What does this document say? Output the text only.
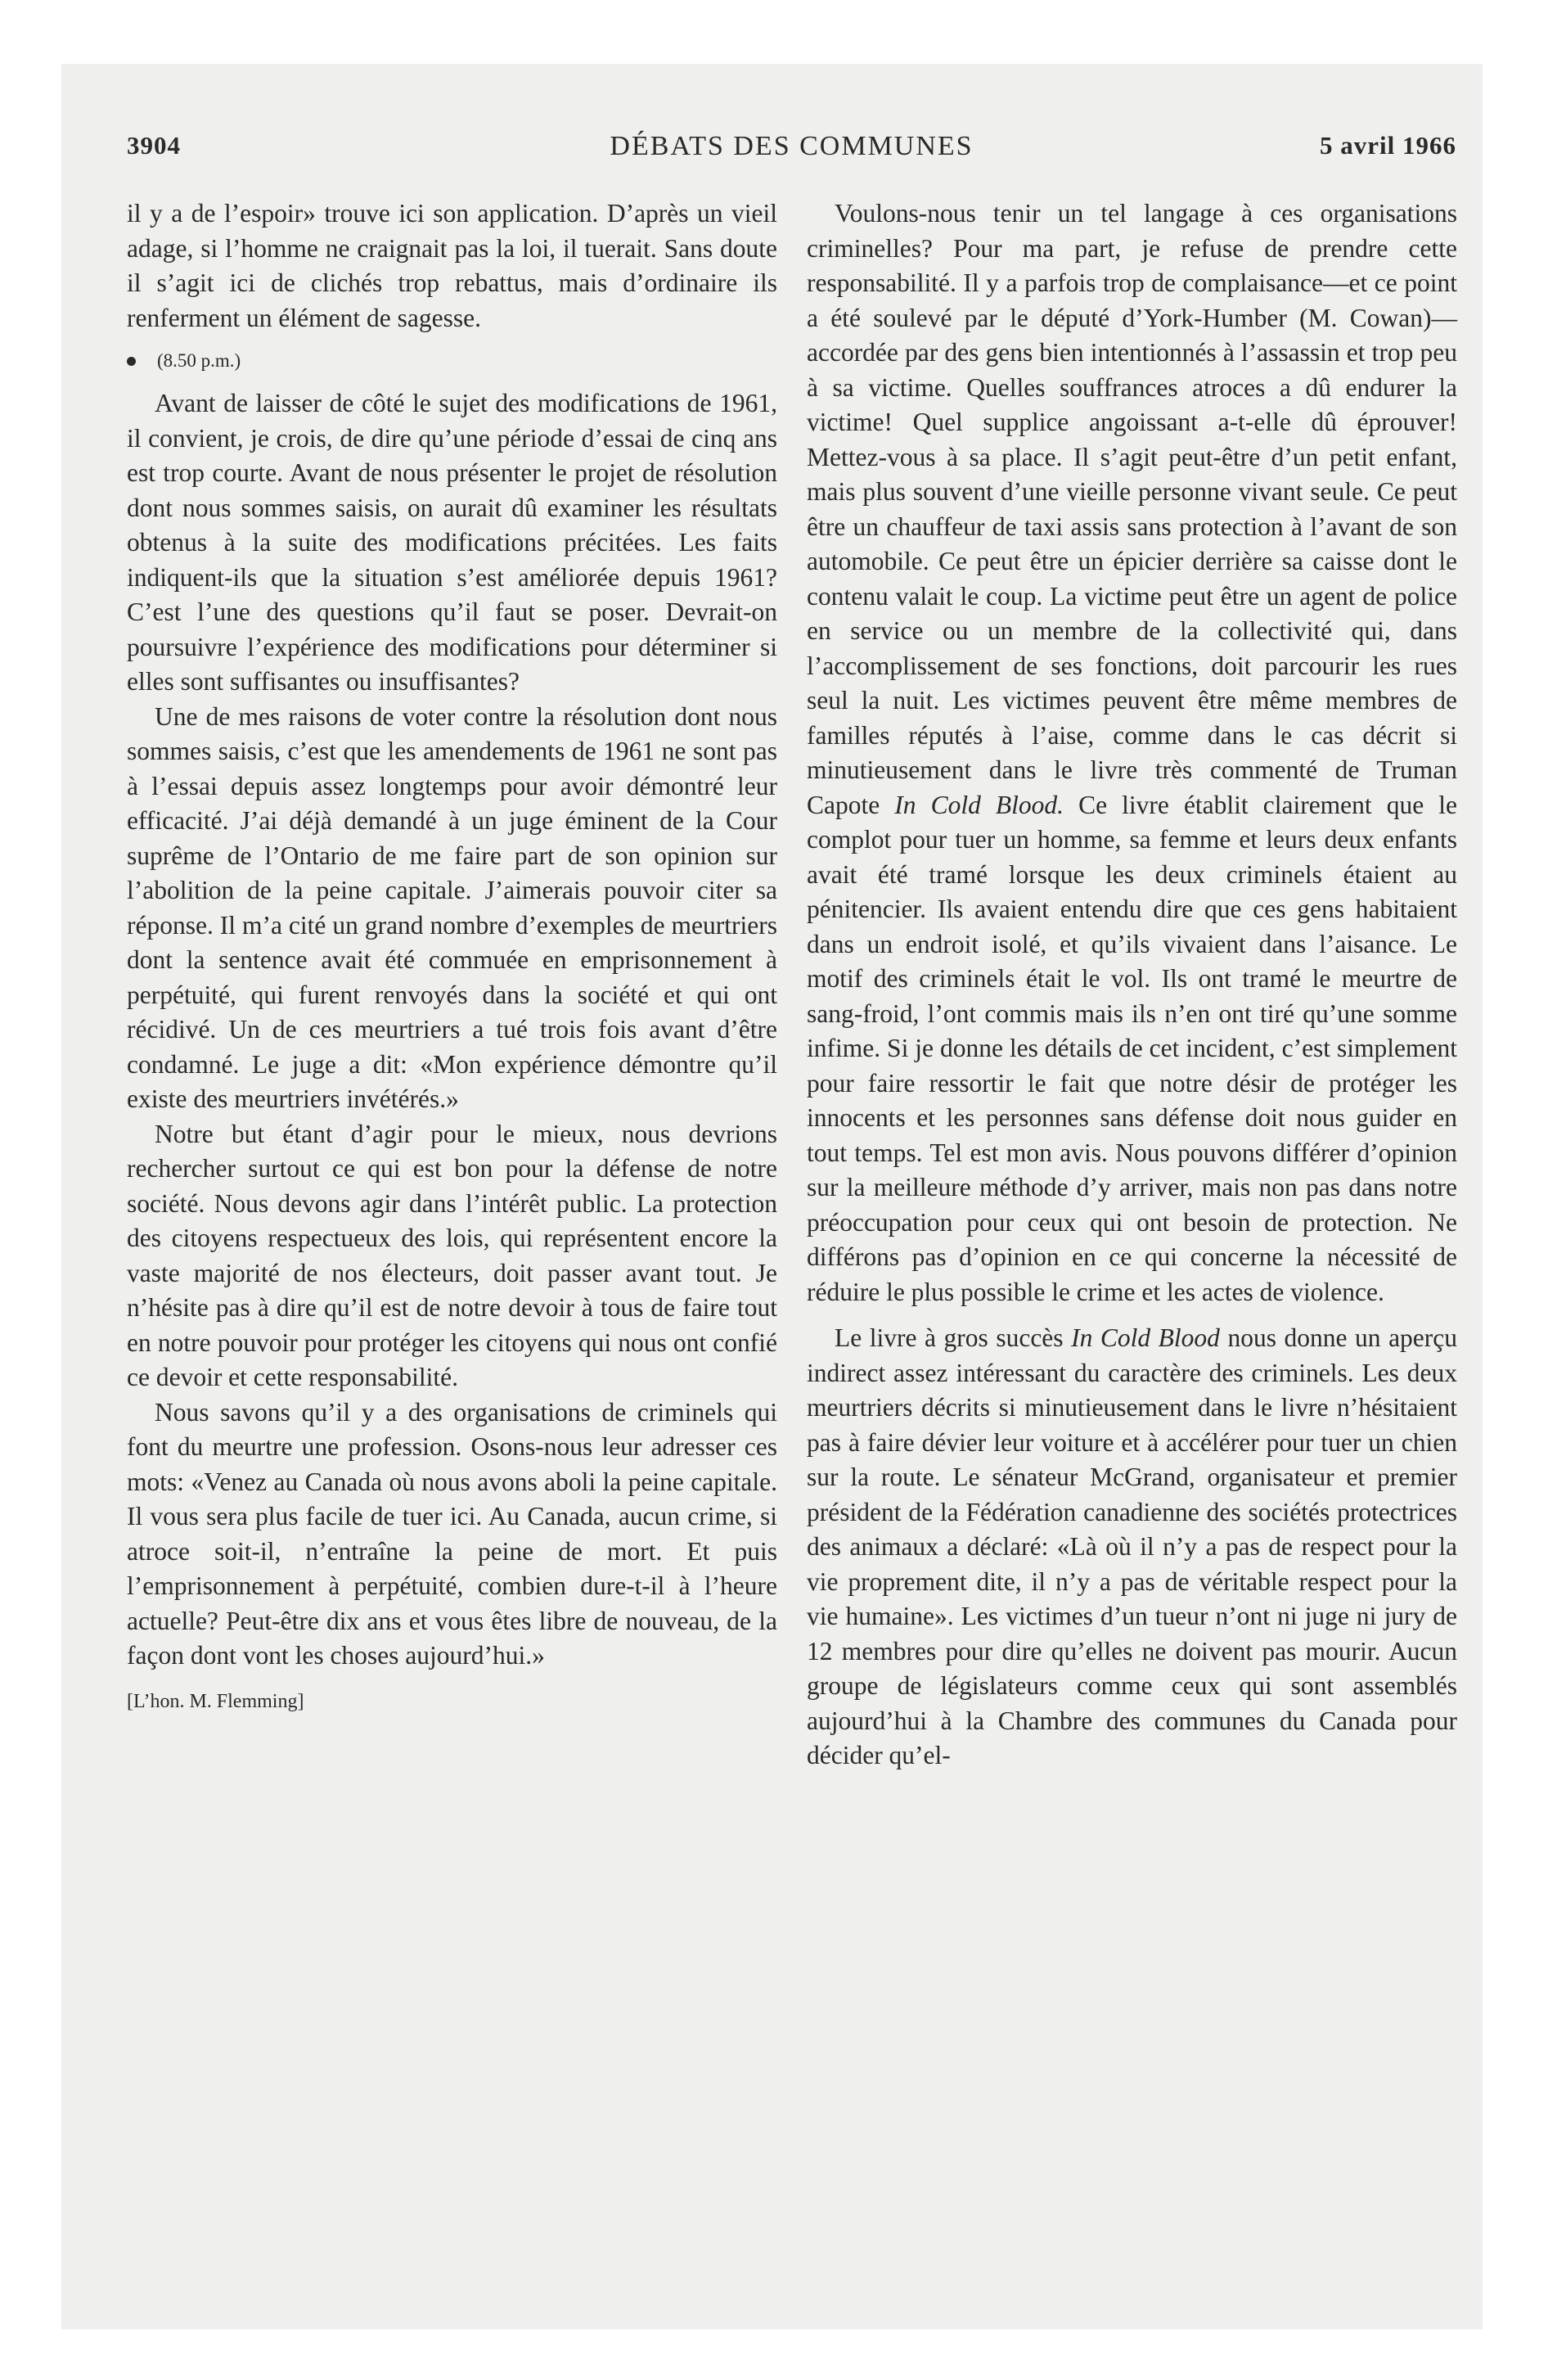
3904	DÉBATS DES COMMUNES	5 avril 1966

il y a de l’espoir» trouve ici son application. D’après un vieil adage, si l’homme ne craignait pas la loi, il tuerait. Sans doute il s’agit ici de clichés trop rebattus, mais d’ordinaire ils renferment un élément de sagesse.

(8.50 p.m.)

Avant de laisser de côté le sujet des modifications de 1961, il convient, je crois, de dire qu’une période d’essai de cinq ans est trop courte. Avant de nous présenter le projet de résolution dont nous sommes saisis, on aurait dû examiner les résultats obtenus à la suite des modifications précitées. Les faits indiquent-ils que la situation s’est améliorée depuis 1961? C’est l’une des questions qu’il faut se poser. Devrait-on poursuivre l’expérience des modifications pour déterminer si elles sont suffisantes ou insuffisantes?

Une de mes raisons de voter contre la résolution dont nous sommes saisis, c’est que les amendements de 1961 ne sont pas à l’essai depuis assez longtemps pour avoir démontré leur efficacité. J’ai déjà demandé à un juge éminent de la Cour suprême de l’Ontario de me faire part de son opinion sur l’abolition de la peine capitale. J’aimerais pouvoir citer sa réponse. Il m’a cité un grand nombre d’exemples de meurtriers dont la sentence avait été commuée en emprisonnement à perpétuité, qui furent renvoyés dans la société et qui ont récidivé. Un de ces meurtriers a tué trois fois avant d’être condamné. Le juge a dit: «Mon expérience démontre qu’il existe des meurtriers invétérés.»

Notre but étant d’agir pour le mieux, nous devrions rechercher surtout ce qui est bon pour la défense de notre société. Nous devons agir dans l’intérêt public. La protection des citoyens respectueux des lois, qui représentent encore la vaste majorité de nos électeurs, doit passer avant tout. Je n’hésite pas à dire qu’il est de notre devoir à tous de faire tout en notre pouvoir pour protéger les citoyens qui nous ont confié ce devoir et cette responsabilité.

Nous savons qu’il y a des organisations de criminels qui font du meurtre une profession. Osons-nous leur adresser ces mots: «Venez au Canada où nous avons aboli la peine capitale. Il vous sera plus facile de tuer ici. Au Canada, aucun crime, si atroce soit-il, n’entraîne la peine de mort. Et puis l’emprisonnement à perpétuité, combien dure-t-il à l’heure actuelle? Peut-être dix ans et vous êtes libre de nouveau, de la façon dont vont les choses aujourd’hui.»

[L’hon. M. Flemming]

Voulons-nous tenir un tel langage à ces organisations criminelles? Pour ma part, je refuse de prendre cette responsabilité. Il y a parfois trop de complaisance—et ce point a été soulevé par le député d’York-Humber (M. Cowan)—accordée par des gens bien intentionnés à l’assassin et trop peu à sa victime. Quelles souffrances atroces a dû endurer la victime! Quel supplice angoissant a-t-elle dû éprouver! Mettez-vous à sa place. Il s’agit peut-être d’un petit enfant, mais plus souvent d’une vieille personne vivant seule. Ce peut être un chauffeur de taxi assis sans protection à l’avant de son automobile. Ce peut être un épicier derrière sa caisse dont le contenu valait le coup. La victime peut être un agent de police en service ou un membre de la collectivité qui, dans l’accomplissement de ses fonctions, doit parcourir les rues seul la nuit. Les victimes peuvent être même membres de familles réputés à l’aise, comme dans le cas décrit si minutieusement dans le livre très commenté de Truman Capote In Cold Blood. Ce livre établit clairement que le complot pour tuer un homme, sa femme et leurs deux enfants avait été tramé lorsque les deux criminels étaient au pénitencier. Ils avaient entendu dire que ces gens habitaient dans un endroit isolé, et qu’ils vivaient dans l’aisance. Le motif des criminels était le vol. Ils ont tramé le meurtre de sang-froid, l’ont commis mais ils n’en ont tiré qu’une somme infime. Si je donne les détails de cet incident, c’est simplement pour faire ressortir le fait que notre désir de protéger les innocents et les personnes sans défense doit nous guider en tout temps. Tel est mon avis. Nous pouvons différer d’opinion sur la meilleure méthode d’y arriver, mais non pas dans notre préoccupation pour ceux qui ont besoin de protection. Ne différons pas d’opinion en ce qui concerne la nécessité de réduire le plus possible le crime et les actes de violence.

Le livre à gros succès In Cold Blood nous donne un aperçu indirect assez intéressant du caractère des criminels. Les deux meurtriers décrits si minutieusement dans le livre n’hésitaient pas à faire dévier leur voiture et à accélérer pour tuer un chien sur la route. Le sénateur McGrand, organisateur et premier président de la Fédération canadienne des sociétés protectrices des animaux a déclaré: «Là où il n’y a pas de respect pour la vie proprement dite, il n’y a pas de véritable respect pour la vie humaine». Les victimes d’un tueur n’ont ni juge ni jury de 12 membres pour dire qu’elles ne doivent pas mourir. Aucun groupe de législateurs comme ceux qui sont assemblés aujourd’hui à la Chambre des communes du Canada pour décider qu’el-
